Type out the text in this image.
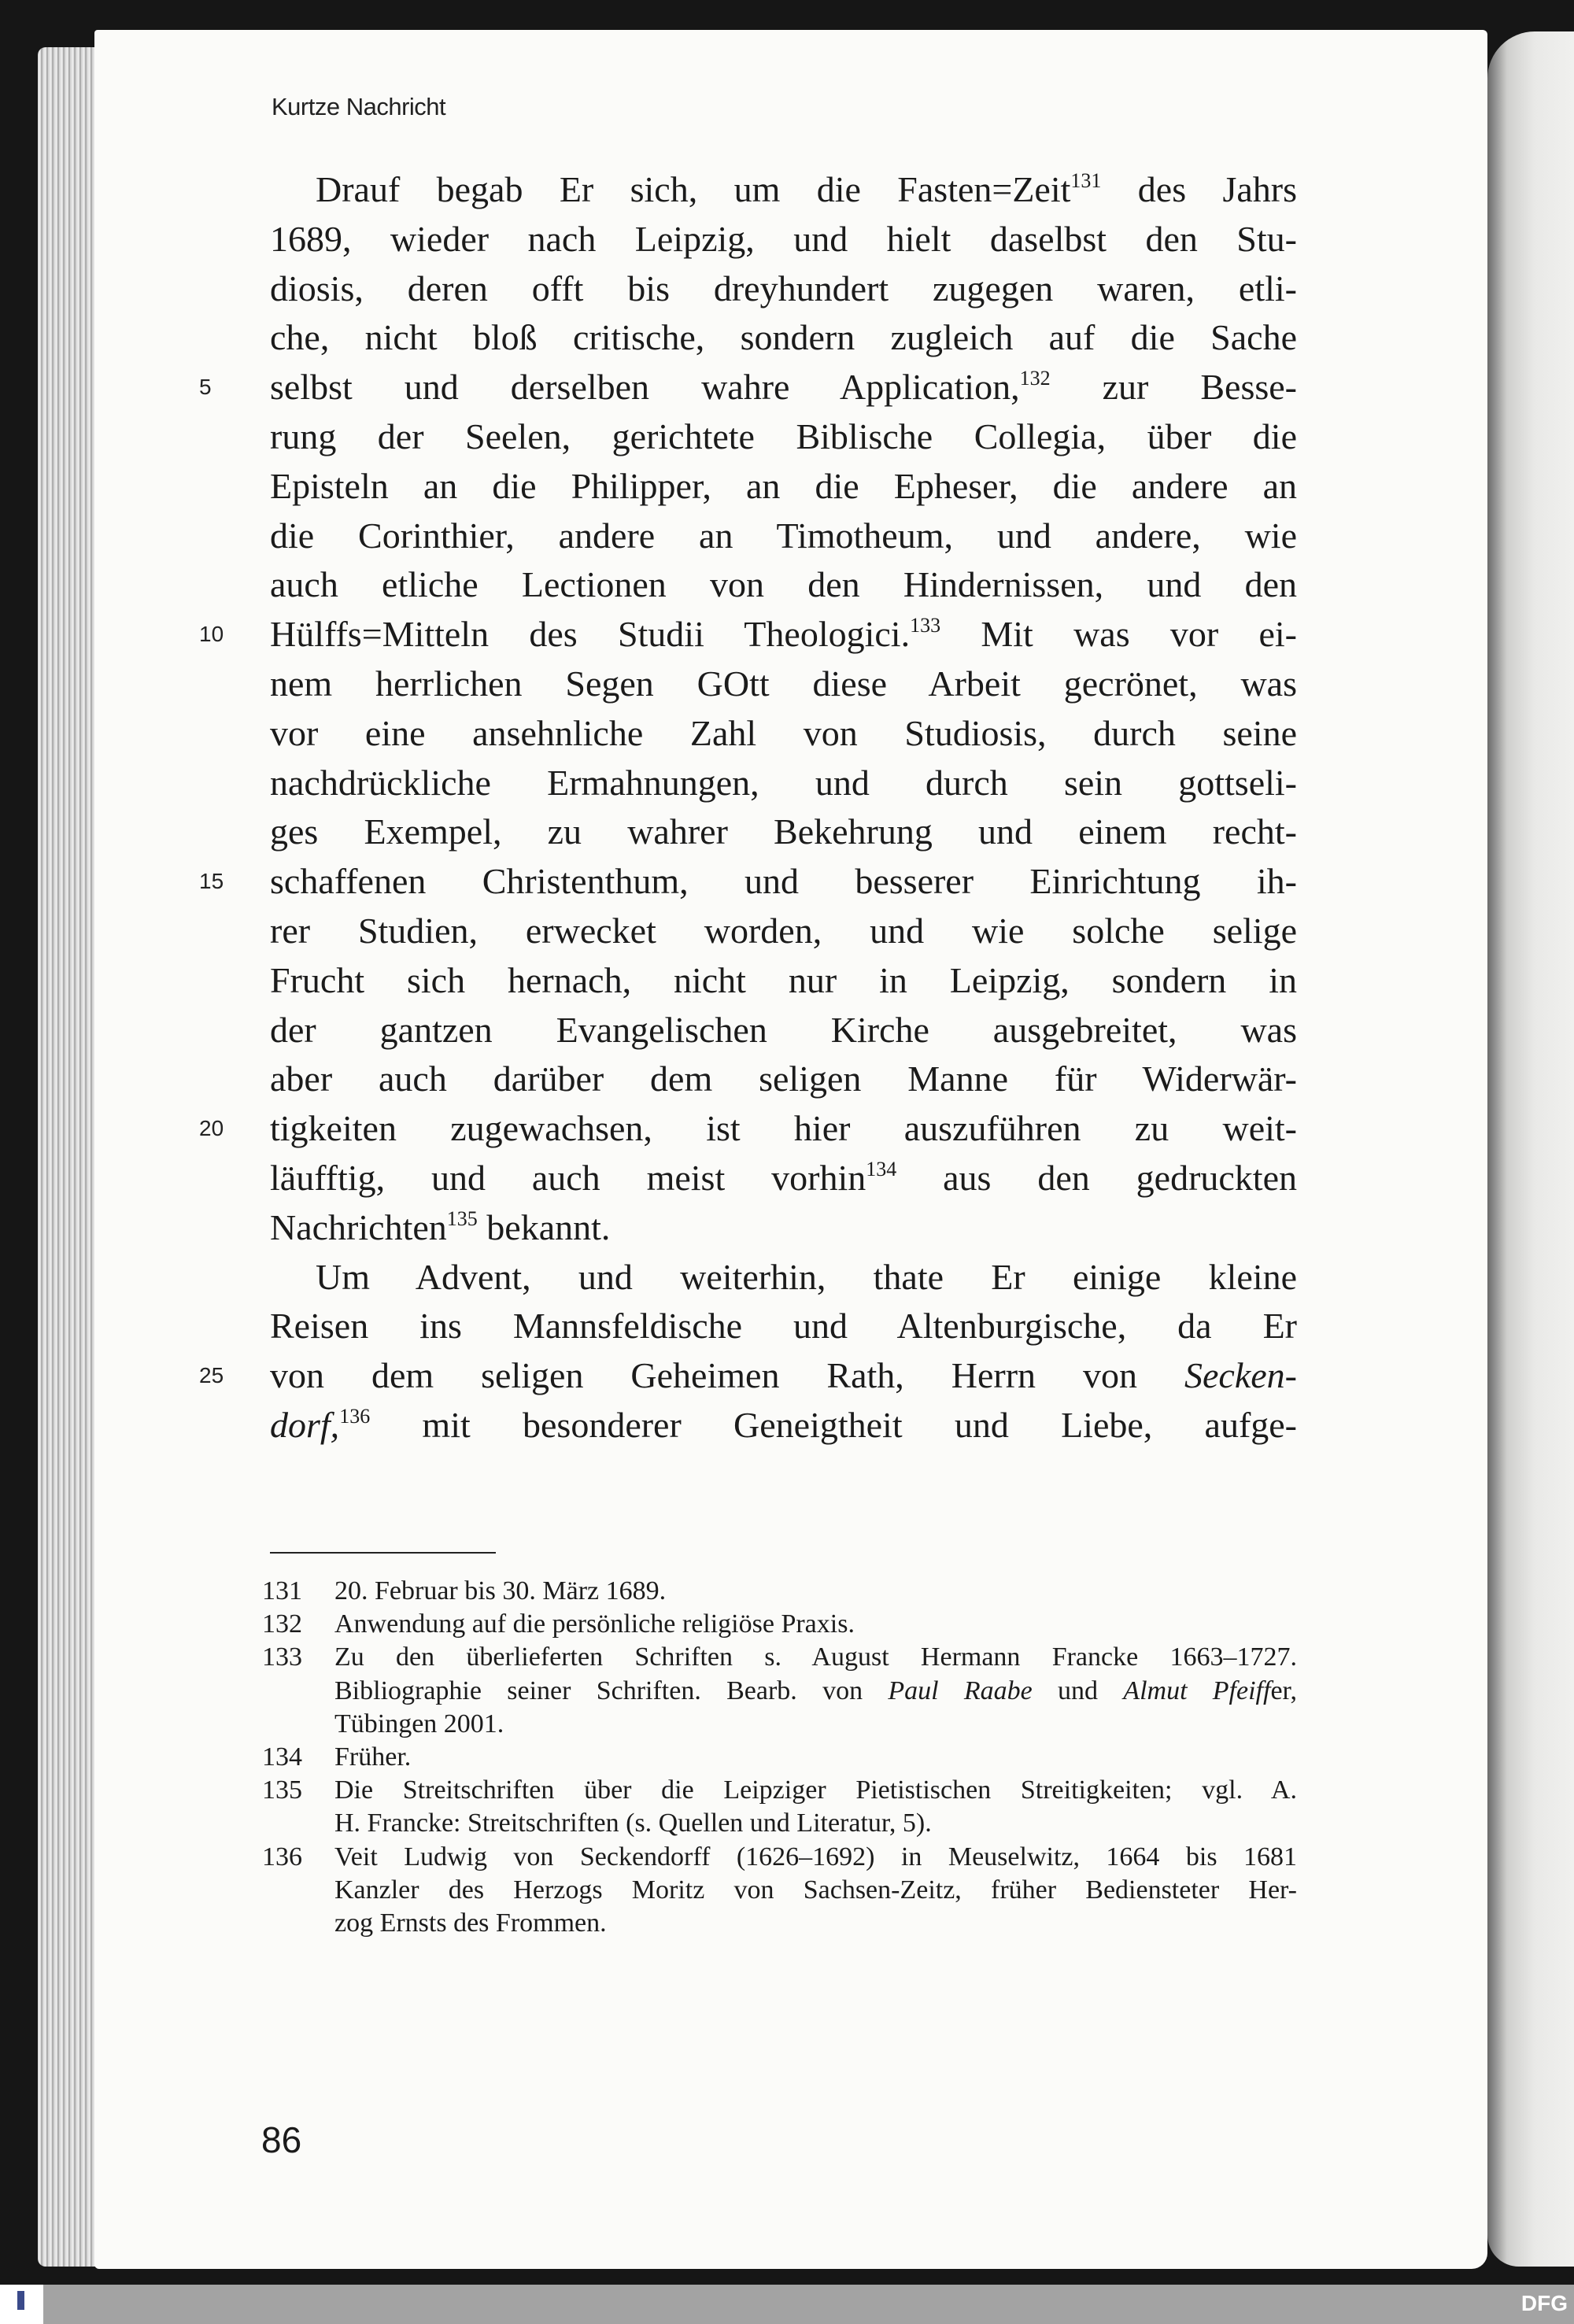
Kurtze Nachricht
Drauf begab Er sich, um die Fasten=Zeit$^{131}$ des Jahrs
1689, wieder nach Leipzig, und hielt daselbst den Stu-
diosis, deren offt bis dreyhundert zugegen waren, etli-
che, nicht bloß critische, sondern zugleich auf die Sache
5	selbst und derselben wahre Application,$^{132}$ zur Besse-
rung der Seelen, gerichtete Biblische Collegia, über die
Episteln an die Philipper, an die Epheser, die andere an
die Corinthier, andere an Timotheum, und andere, wie
auch etliche Lectionen von den Hindernissen, und den
10 Hülffs=Mitteln des Studii Theologici.$^{133}$ Mit was vor ei-
nem herrlichen Segen GOtt diese Arbeit gecrönet, was
vor eine ansehnliche Zahl von Studiosis, durch seine
nachdrückliche Ermahnungen, und durch sein gottseli-
ges Exempel, zu wahrer Bekehrung und einem recht-
15 schaffenen Christenthum, und besserer Einrichtung ih-
rer Studien, erwecket worden, und wie solche selige
Frucht sich hernach, nicht nur in Leipzig, sondern in
der gantzen Evangelischen Kirche ausgebreitet, was
aber auch darüber dem seligen Manne für Widerwär-
20 tigkeiten zugewachsen, ist hier auszuführen zu weit-
läufftig, und auch meist vorhin$^{134}$ aus den gedruckten
Nachrichten$^{135}$ bekannt.
Um Advent, und weiterhin, thate Er einige kleine
Reisen ins Mannsfeldische und Altenburgische, da Er
25 von dem seligen Geheimen Rath, Herrn von Secken-
dorf,$^{136}$ mit besonderer Geneigtheit und Liebe, aufge-
131 20. Februar bis 30. März 1689.
132 Anwendung auf die persönliche religiöse Praxis.
133 Zu den überlieferten Schriften s. August Hermann Francke 1663–1727.
Bibliographie seiner Schriften. Bearb. von Paul Raabe und Almut Pfeiffer,
Tübingen 2001.
134 Früher.
135 Die Streitschriften über die Leipziger Pietistischen Streitigkeiten; vgl. A.
H. Francke: Streitschriften (s. Quellen und Literatur, 5).
136 Veit Ludwig von Seckendorff (1626–1692) in Meuselwitz, 1664 bis 1681
Kanzler des Herzogs Moritz von Sachsen-Zeitz, früher Bediensteter Her-
zog Ernsts des Frommen.
86
DFG
